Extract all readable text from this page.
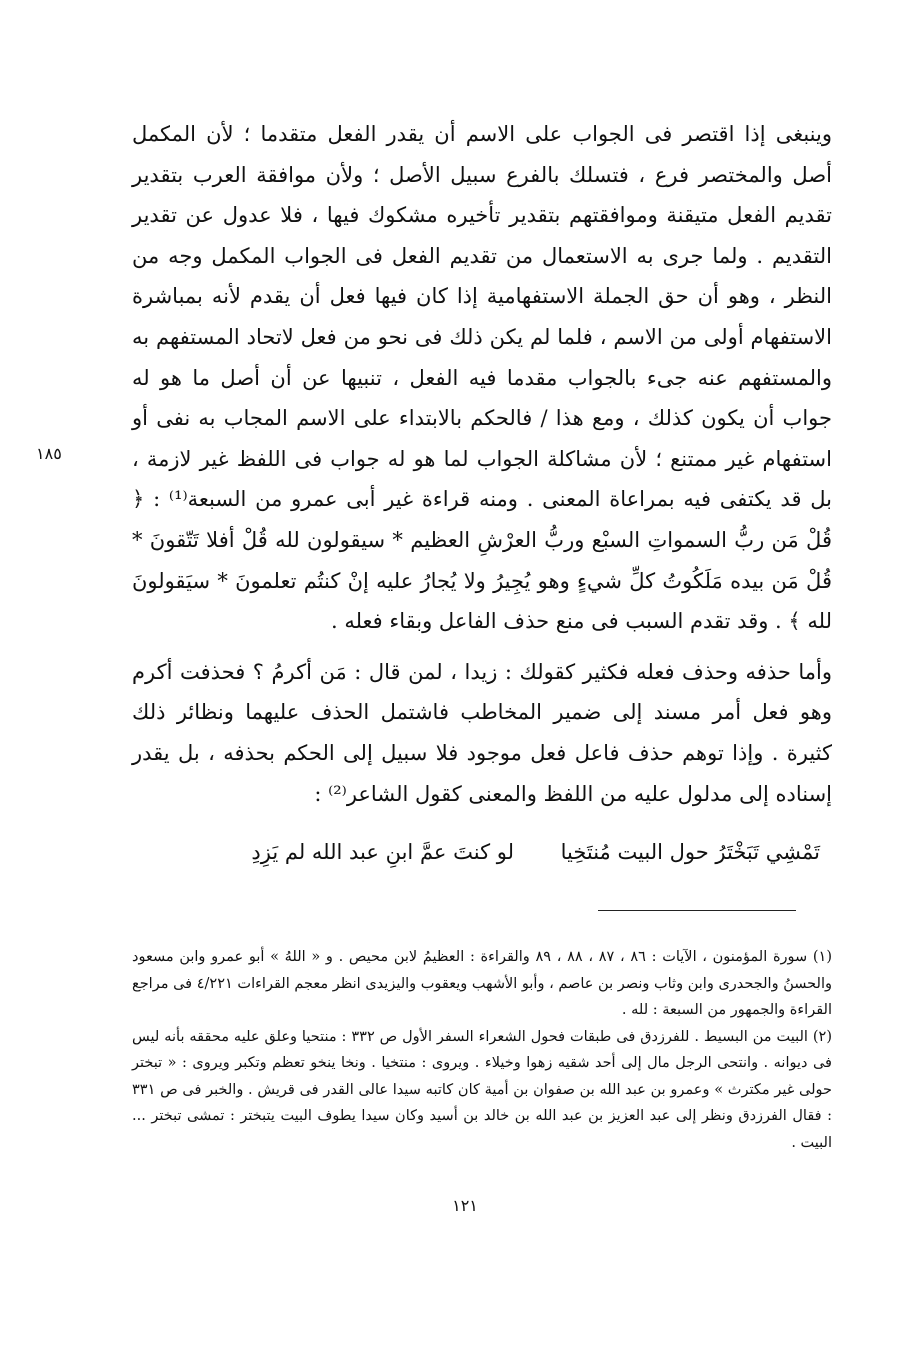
وينبغى إذا اقتصر فى الجواب على الاسم أن يقدر الفعل متقدما ؛ لأن المكمل أصل والمختصر فرع ، فتسلك بالفرع سبيل الأصل ؛ ولأن موافقة العرب بتقدير تقديم الفعل متيقنة وموافقتهم بتقدير تأخيره مشكوك فيها ، فلا عدول عن تقدير التقديم . ولما جرى به الاستعمال من تقديم الفعل فى الجواب المكمل وجه من النظر ، وهو أن حق الجملة الاستفهامية إذا كان فيها فعل أن يقدم لأنه بمباشرة الاستفهام أولى من الاسم ، فلما لم يكن ذلك فى نحو من فعل لاتحاد المستفهم به والمستفهم عنه جىء بالجواب مقدما فيه الفعل ، تنبيها عن أن أصل ما هو له جواب أن يكون كذلك ، ومع هذا / فالحكم بالابتداء على الاسم المجاب به نفى أو استفهام غير ممتنع ؛ لأن مشاكلة الجواب لما هو له جواب فى اللفظ غير لازمة ، بل قد يكتفى فيه بمراعاة المعنى . ومنه قراءة غير أبى عمرو من السبعة⁽¹⁾ : ﴿ قُلْ مَن ربُّ السمواتِ السبْع وربُّ العرْشِ العظيم * سيقولون لله قُلْ أفلا تَتّقونَ * قُلْ مَن بيده مَلَكُوتُ كلِّ شيءٍ وهو يُجِيرُ ولا يُجارُ عليه إنْ كنتُم تعلمونَ * سيَقولونَ لله ﴾ . وقد تقدم السبب فى منع حذف الفاعل وبقاء فعله .

وأما حذفه وحذف فعله فكثير كقولك : زيدا ، لمن قال : مَن أكرمُ ؟ فحذفت أكرم وهو فعل أمر مسند إلى ضمير المخاطب فاشتمل الحذف عليهما ونظائر ذلك كثيرة . وإذا توهم حذف فاعل فعل موجود فلا سبيل إلى الحكم بحذفه ، بل يقدر إسناده إلى مدلول عليه من اللفظ والمعنى كقول الشاعر⁽²⁾ :

تَمْشِي تَبَخْتَرُ حول البيت مُنتَخِيا
لو كنتَ عمَّ ابنِ عبد الله لم يَزِدِ
١٨٥

(١) سورة المؤمنون ، الآيات : ٨٦ ، ٨٧ ، ٨٨ ، ٨٩ والقراءة : العظيمُ لابن محيص . و « اللهُ » أبو عمرو وابن مسعود والحسنُ والجحدرى وابن وثاب ونصر بن عاصم ، وأبو الأشهب ويعقوب واليزيدى انظر معجم القراءات ٤/٢٢١ فى مراجع القراءة والجمهور من السبعة : لله .

(٢) البيت من البسيط . للفرزدق فى طبقات فحول الشعراء السفر الأول ص ٣٣٢ : منتحيا وعلق عليه محققه بأنه ليس فى ديوانه . وانتحى الرجل مال إلى أحد شقيه زهوا وخيلاء . ويروى : منتخيا . ونخا ينخو تعظم وتكبر ويروى : « تبختر حولى غير مكترث » وعمرو بن عبد الله بن صفوان بن أمية كان كاتبه سيدا عالى القدر فى قريش . والخبر فى ص ٣٣١ : فقال الفرزدق ونظر إلى عبد العزيز بن عبد الله بن خالد بن أسيد وكان سيدا يطوف البيت يتبختر : تمشى تبختر ... البيت .

١٢١
